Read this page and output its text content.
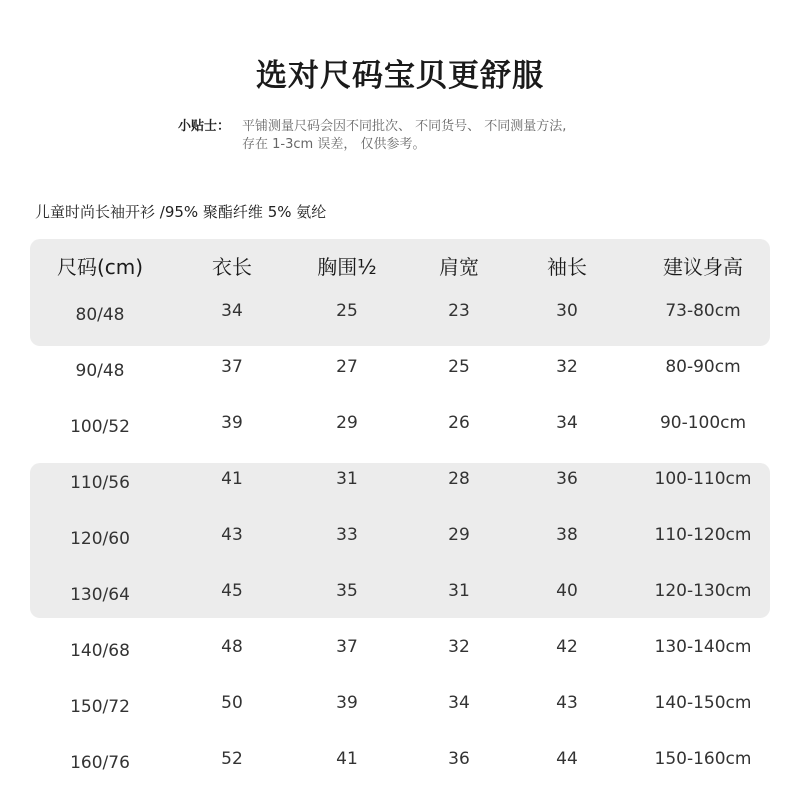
选对尺码宝贝更舒服
小贴士： 平铺测量尺码会因不同批次、 不同货号、 不同测量方法,
存在 1-3cm 误差， 仅供参考。
儿童时尚长袖开衫 /95% 聚酯纤维 5% 氨纶
尺码(cm)	衣长	胸围½	肩宽	袖长	建议身高
80/48	34	25	23	30	73-80cm
90/48	37	27	25	32	80-90cm
100/52	39	29	26	34	90-100cm
110/56	41	31	28	36	100-110cm
120/60	43	33	29	38	110-120cm
130/64	45	35	31	40	120-130cm
140/68	48	37	32	42	130-140cm
150/72	50	39	34	43	140-150cm
160/76	52	41	36	44	150-160cm
